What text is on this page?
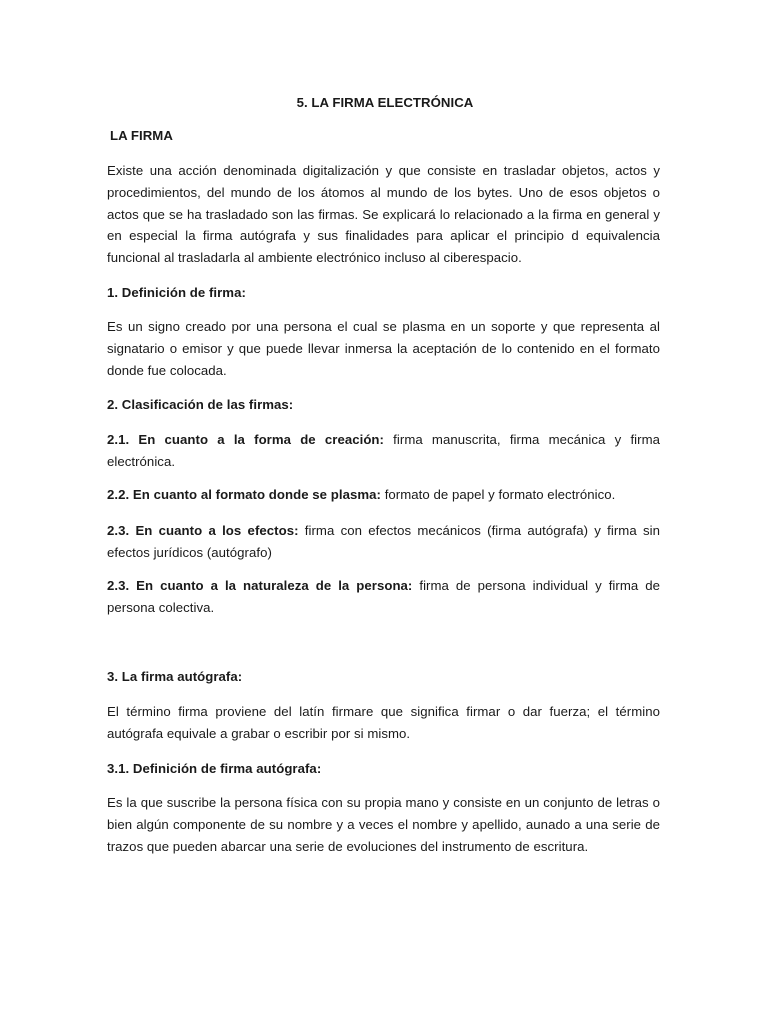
5. LA FIRMA ELECTRÓNICA

LA FIRMA

Existe una acción denominada digitalización y que consiste en trasladar objetos, actos y procedimientos, del mundo de los átomos al mundo de los bytes. Uno de esos objetos o actos que se ha trasladado son las firmas. Se explicará lo relacionado a la firma en general y en especial la firma autógrafa y sus finalidades para aplicar el principio d equivalencia funcional al trasladarla al ambiente electrónico incluso al ciberespacio.

1. Definición de firma:

Es un signo creado por una persona el cual se plasma en un soporte y que representa al signatario o emisor y que puede llevar inmersa la aceptación de lo contenido en el formato donde fue colocada.

2. Clasificación de las firmas:

2.1. En cuanto a la forma de creación: firma manuscrita, firma mecánica y firma electrónica.

2.2. En cuanto al formato donde se plasma: formato de papel y formato electrónico.

2.3. En cuanto a los efectos: firma con efectos mecánicos (firma autógrafa) y firma sin efectos jurídicos (autógrafo)

2.3. En cuanto a la naturaleza de la persona: firma de persona individual y firma de persona colectiva.

3. La firma autógrafa:

El término firma proviene del latín firmare que significa firmar o dar fuerza; el término autógrafa equivale a grabar o escribir por si mismo.

3.1. Definición de firma autógrafa:

Es la que suscribe la persona física con su propia mano y consiste en un conjunto de letras o bien algún componente de su nombre y a veces el nombre y apellido, aunado a una serie de trazos que pueden abarcar una serie de evoluciones del instrumento de escritura.
